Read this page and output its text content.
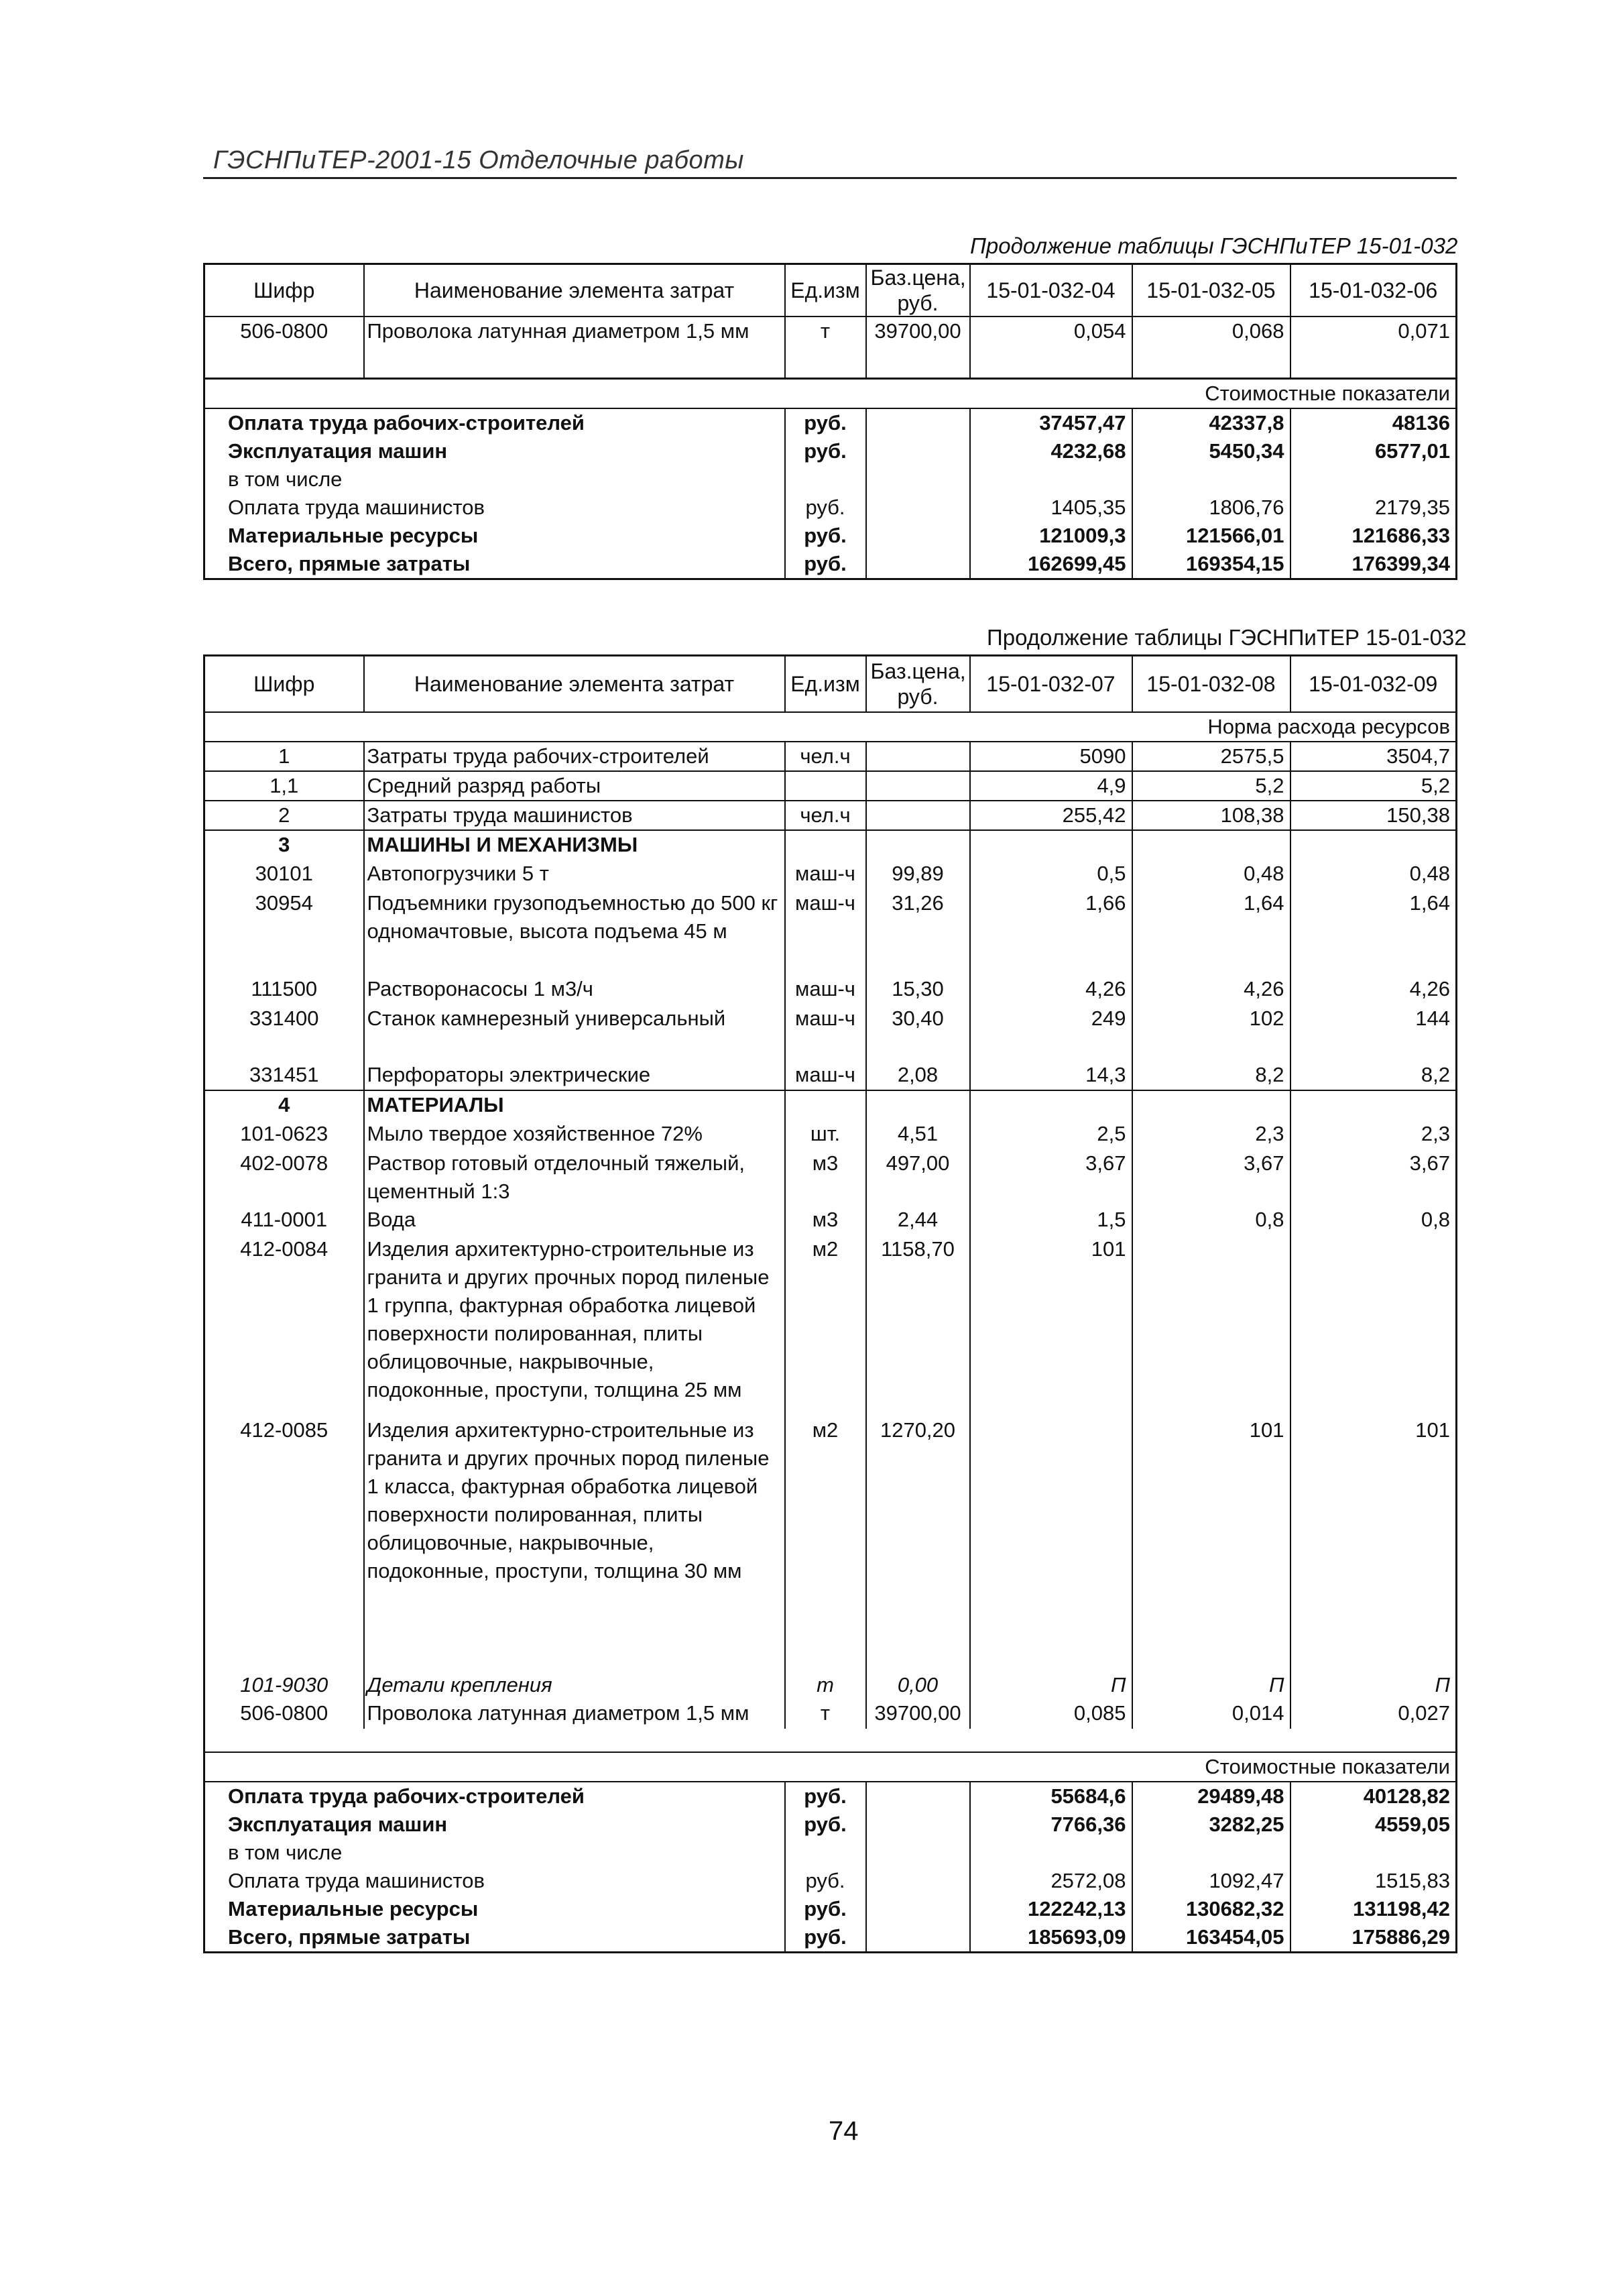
ГЭСНПиТЕР-2001-15 Отделочные работы
Продолжение таблицы ГЭСНПиТЕР 15-01-032
Шифр	Наименование элемента затрат	Ед.изм	Баз.цена, руб.	15-01-032-04	15-01-032-05	15-01-032-06
506-0800	Проволока латунная диаметром 1,5 мм	т	39700,00	0,054	0,068	0,071
Стоимостные показатели						
Оплата труда рабочих-строителей		руб.		37457,47	42337,8	48136
Эксплуатация машин		руб.		4232,68	5450,34	6577,01
в том числе						
Оплата труда машинистов		руб.		1405,35	1806,76	2179,35
Материальные ресурсы		руб.		121009,3	121566,01	121686,33
Всего, прямые затраты		руб.		162699,45	169354,15	176399,34
Продолжение таблицы ГЭСНПиТЕР 15-01-032
Шифр	Наименование элемента затрат	Ед.изм	Баз.цена, руб.	15-01-032-07	15-01-032-08	15-01-032-09
Норма расхода ресурсов						
1	Затраты труда рабочих-строителей	чел.ч		5090	2575,5	3504,7
1,1	Средний разряд работы			4,9	5,2	5,2
2	Затраты труда машинистов	чел.ч		255,42	108,38	150,38
3	МАШИНЫ И МЕХАНИЗМЫ					
30101	Автопогрузчики 5 т	маш-ч	99,89	0,5	0,48	0,48
30954	Подъемники грузоподъемностью до 500 кг одномачтовые, высота подъема 45 м	маш-ч	31,26	1,66	1,64	1,64

111500	Растворонасосы 1 м3/ч	маш-ч	15,30	4,26	4,26	4,26
331400	Станок камнерезный универсальный	маш-ч	30,40	249	102	144

331451	Перфораторы электрические	маш-ч	2,08	14,3	8,2	8,2
4	МАТЕРИАЛЫ					
101-0623	Мыло твердое хозяйственное 72%	шт.	4,51	2,5	2,3	2,3
402-0078	Раствор готовый отделочный тяжелый, цементный 1:3	м3	497,00	3,67	3,67	3,67
411-0001	Вода	м3	2,44	1,5	0,8	0,8
412-0084	Изделия архитектурно-строительные из гранита и других прочных пород пиленые 1 группа, фактурная обработка лицевой поверхности полированная, плиты облицовочные, накрывочные, подоконные, проступи, толщина 25 мм	м2	1158,70	101		
412-0085	Изделия архитектурно-строительные из гранита и других прочных пород пиленые 1 класса, фактурная обработка лицевой поверхности полированная, плиты облицовочные, накрывочные, подоконные, проступи, толщина 30 мм	м2	1270,20		101	101

101-9030	Детали крепления	т	0,00	П	П	П
506-0800	Проволока латунная диаметром 1,5 мм	т	39700,00	0,085	0,014	0,027

Стоимостные показатели						
Оплата труда рабочих-строителей		руб.		55684,6	29489,48	40128,82
Эксплуатация машин		руб.		7766,36	3282,25	4559,05
в том числе						
Оплата труда машинистов		руб.		2572,08	1092,47	1515,83
Материальные ресурсы		руб.		122242,13	130682,32	131198,42
Всего, прямые затраты		руб.		185693,09	163454,05	175886,29
74
